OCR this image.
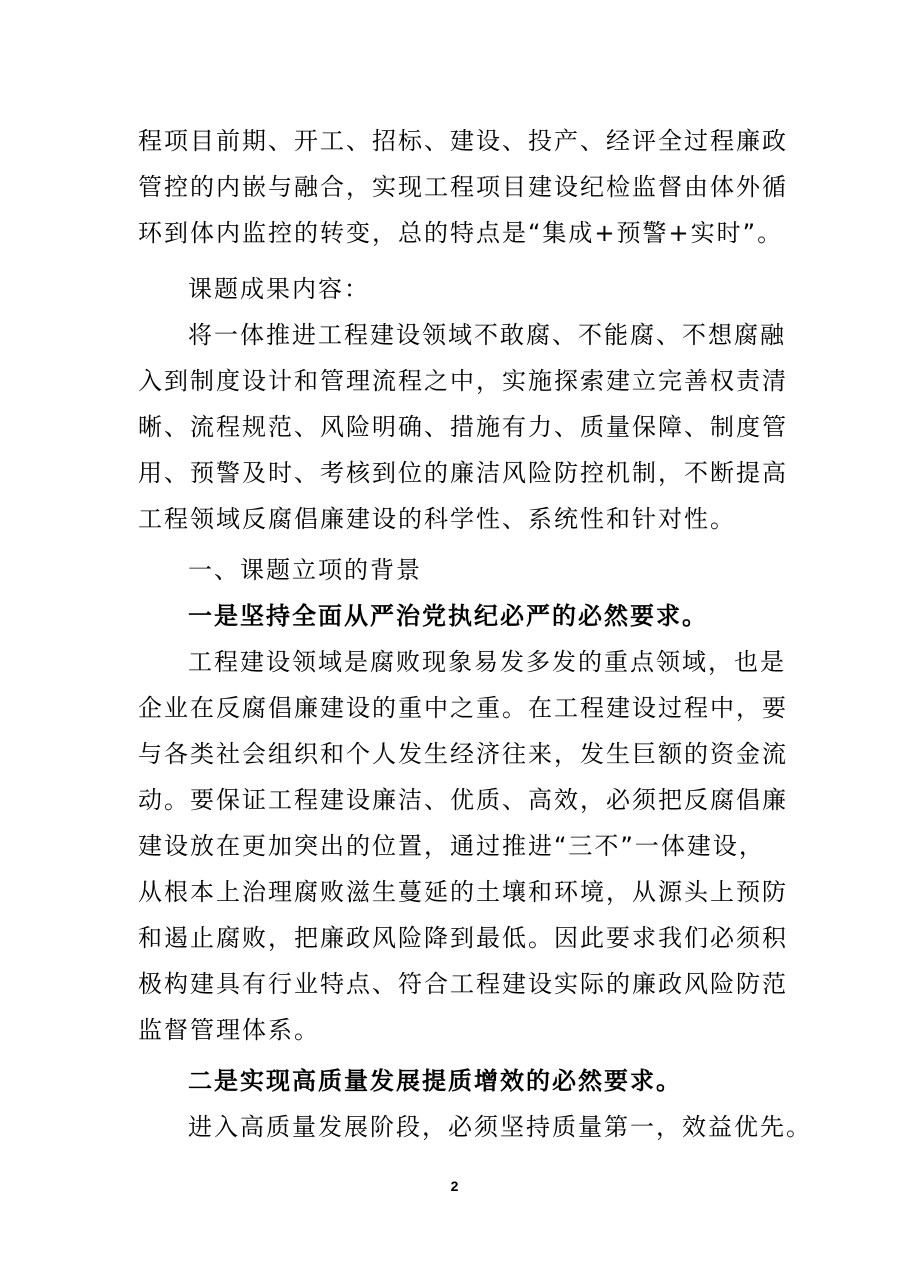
程项目前期、开工、招标、建设、投产、经评全过程廉政
管控的内嵌与融合，实现工程项目建设纪检监督由体外循
环到体内监控的转变，总的特点是“集成+预警+实时”。
课题成果内容：
将一体推进工程建设领域不敢腐、不能腐、不想腐融
入到制度设计和管理流程之中，实施探索建立完善权责清
晰、流程规范、风险明确、措施有力、质量保障、制度管
用、预警及时、考核到位的廉洁风险防控机制，不断提高
工程领域反腐倡廉建设的科学性、系统性和针对性。
一、课题立项的背景
一是坚持全面从严治党执纪必严的必然要求。
工程建设领域是腐败现象易发多发的重点领域，也是
企业在反腐倡廉建设的重中之重。在工程建设过程中，要
与各类社会组织和个人发生经济往来，发生巨额的资金流
动。要保证工程建设廉洁、优质、高效，必须把反腐倡廉
建设放在更加突出的位置，通过推进“三不”一体建设，
从根本上治理腐败滋生蔓延的土壤和环境，从源头上预防
和遏止腐败，把廉政风险降到最低。因此要求我们必须积
极构建具有行业特点、符合工程建设实际的廉政风险防范
监督管理体系。
二是实现高质量发展提质增效的必然要求。
进入高质量发展阶段，必须坚持质量第一，效益优先。
2
